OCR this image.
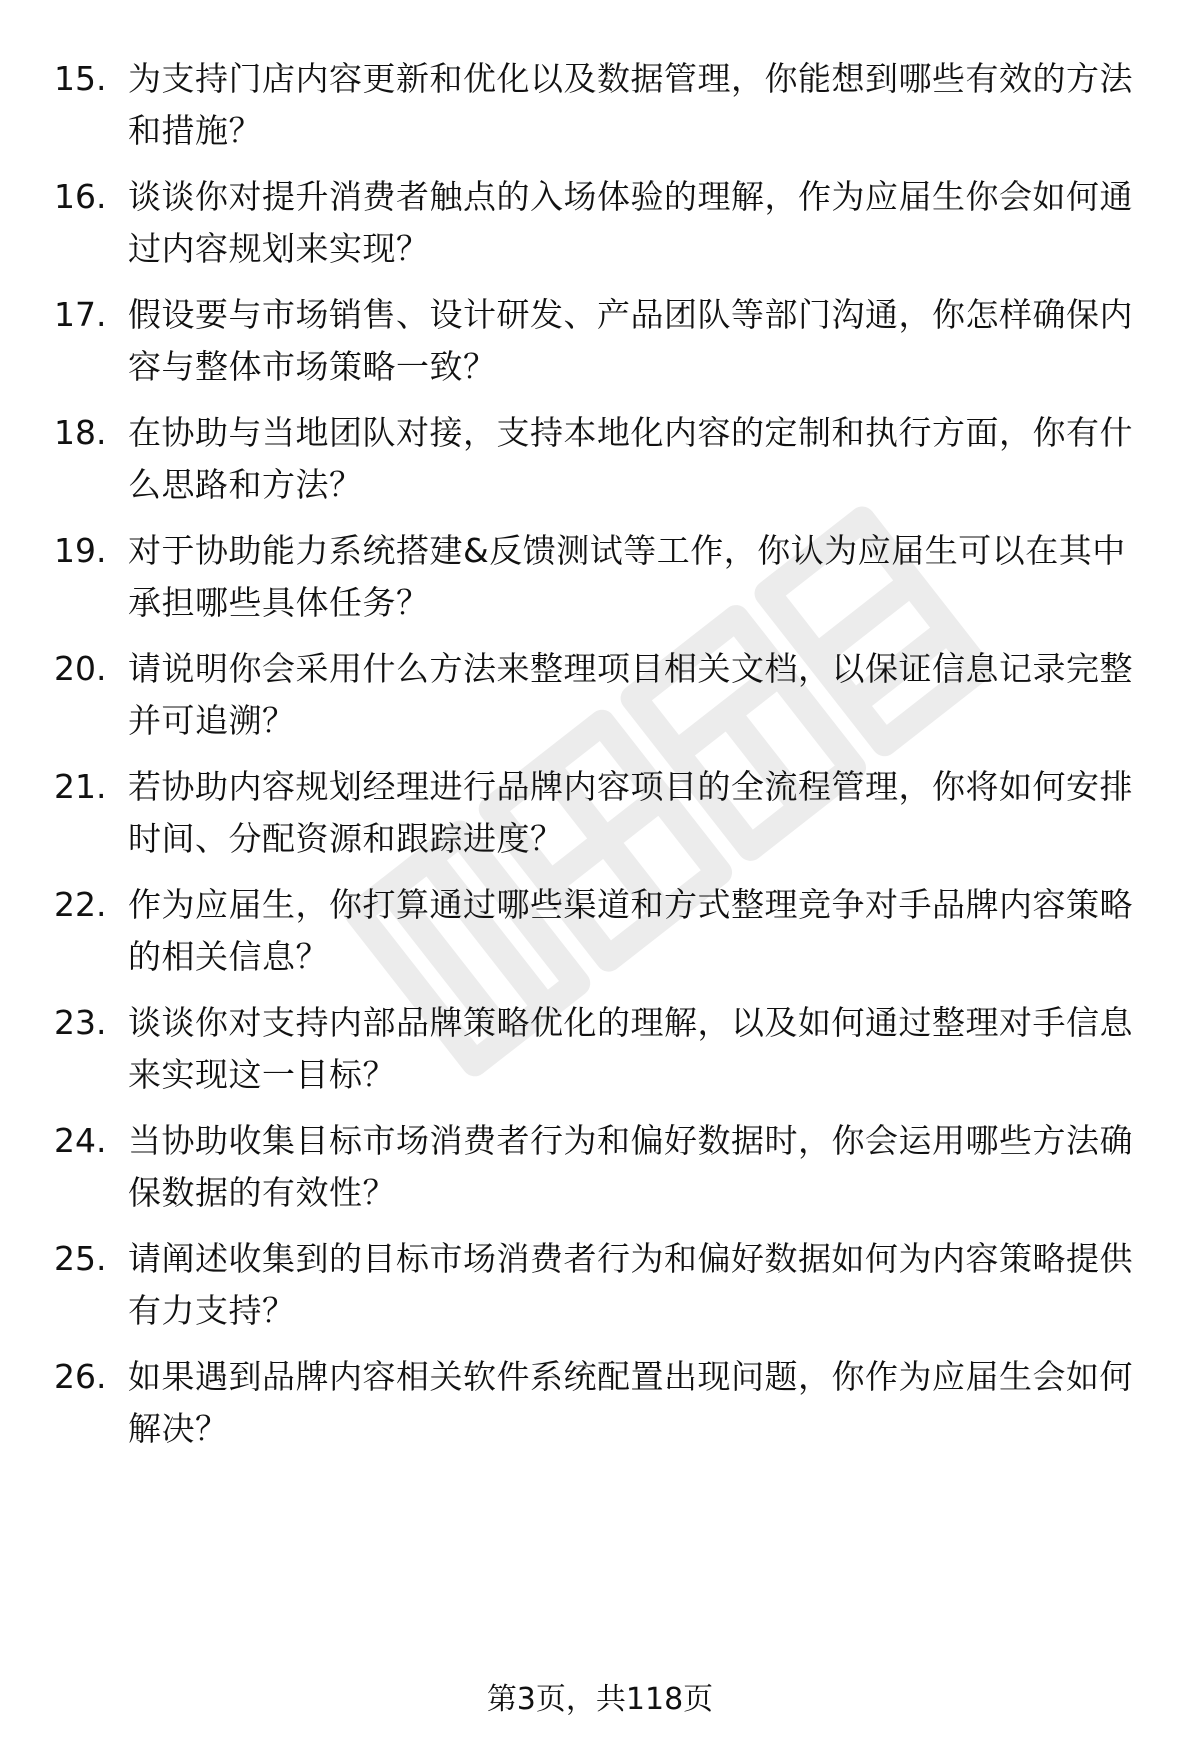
15. 为支持门店内容更新和优化以及数据管理，你能想到哪些有效的方法和措施？
16. 谈谈你对提升消费者触点的入场体验的理解，作为应届生你会如何通过内容规划来实现？
17. 假设要与市场销售、设计研发、产品团队等部门沟通，你怎样确保内容与整体市场策略一致？
18. 在协助与当地团队对接，支持本地化内容的定制和执行方面，你有什么思路和方法？
19. 对于协助能力系统搭建&反馈测试等工作，你认为应届生可以在其中承担哪些具体任务？
20. 请说明你会采用什么方法来整理项目相关文档，以保证信息记录完整并可追溯？
21. 若协助内容规划经理进行品牌内容项目的全流程管理，你将如何安排时间、分配资源和跟踪进度？
22. 作为应届生，你打算通过哪些渠道和方式整理竞争对手品牌内容策略的相关信息？
23. 谈谈你对支持内部品牌策略优化的理解，以及如何通过整理对手信息来实现这一目标？
24. 当协助收集目标市场消费者行为和偏好数据时，你会运用哪些方法确保数据的有效性？
25. 请阐述收集到的目标市场消费者行为和偏好数据如何为内容策略提供有力支持？
26. 如果遇到品牌内容相关软件系统配置出现问题，你作为应届生会如何解决？
第3页，共118页
